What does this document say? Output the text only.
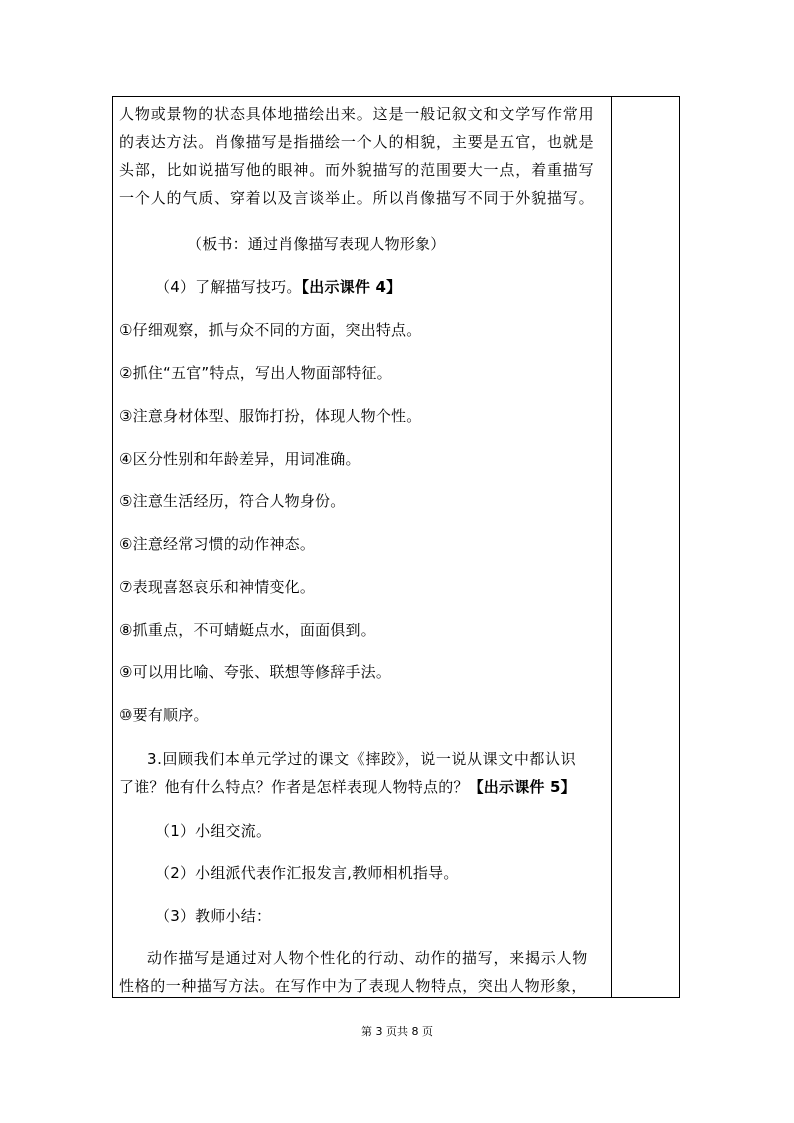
人物或景物的状态具体地描绘出来。这是一般记叙文和文学写作常用
的表达方法。肖像描写是指描绘一个人的相貌，主要是五官，也就是
头部，比如说描写他的眼神。而外貌描写的范围要大一点，着重描写
一个人的气质、穿着以及言谈举止。所以肖像描写不同于外貌描写。
（板书：通过肖像描写表现人物形象）
（4）了解描写技巧。【出示课件 4】
①仔细观察，抓与众不同的方面，突出特点。
②抓住“五官”特点，写出人物面部特征。
③注意身材体型、服饰打扮，体现人物个性。
④区分性别和年龄差异，用词准确。
⑤注意生活经历，符合人物身份。
⑥注意经常习惯的动作神态。
⑦表现喜怒哀乐和神情变化。
⑧抓重点，不可蜻蜓点水，面面俱到。
⑨可以用比喻、夸张、联想等修辞手法。
⑩要有顺序。
3.回顾我们本单元学过的课文《摔跤》，说一说从课文中都认识
了谁？他有什么特点？作者是怎样表现人物特点的？【出示课件 5】
（1）小组交流。
（2）小组派代表作汇报发言,教师相机指导。
（3）教师小结：
动作描写是通过对人物个性化的行动、动作的描写，来揭示人物
性格的一种描写方法。在写作中为了表现人物特点，突出人物形象，
第 3 页共 8 页
